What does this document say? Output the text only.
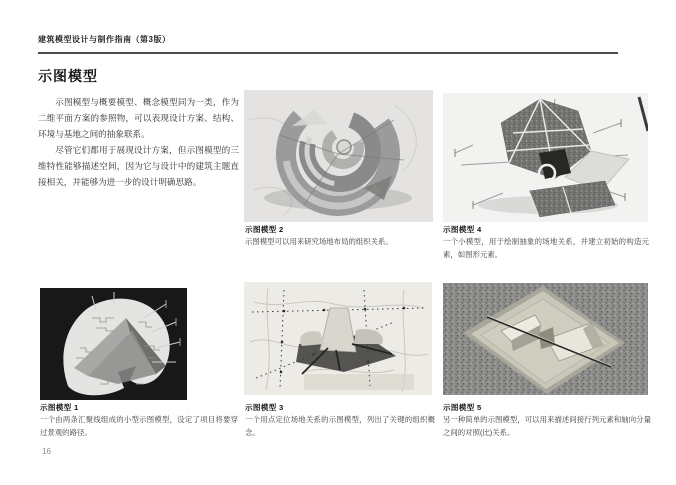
建筑模型设计与制作指南（第3版）
示图模型

示图模型与概要模型、概念模型同为一类，作为二维平面方案的参照物，可以表现设计方案、结构、环境与基地之间的抽象联系。

尽管它们都用于展现设计方案，但示图模型的三维特性能够描述空间，因为它与设计中的建筑主题直接相关，并能够为进一步的设计明确思路。

示图模型 2
示图模型可以用来研究场地布局的组织关系。
示图模型 4
一个小模型，用于绘制抽象的场地关系，并建立初始的构造元素，如图形元素。
示图模型 1
一个由两条汇聚线组成的小型示图模型，设定了项目将要穿过景观的路径。
示图模型 3
一个用点定位场地关系的示图模型，列出了关键的组织概念。
示图模型 5
另一种简单的示图模型，可以用来描述间接行列元素和轴向分量之间的对照(比)关系。
16
